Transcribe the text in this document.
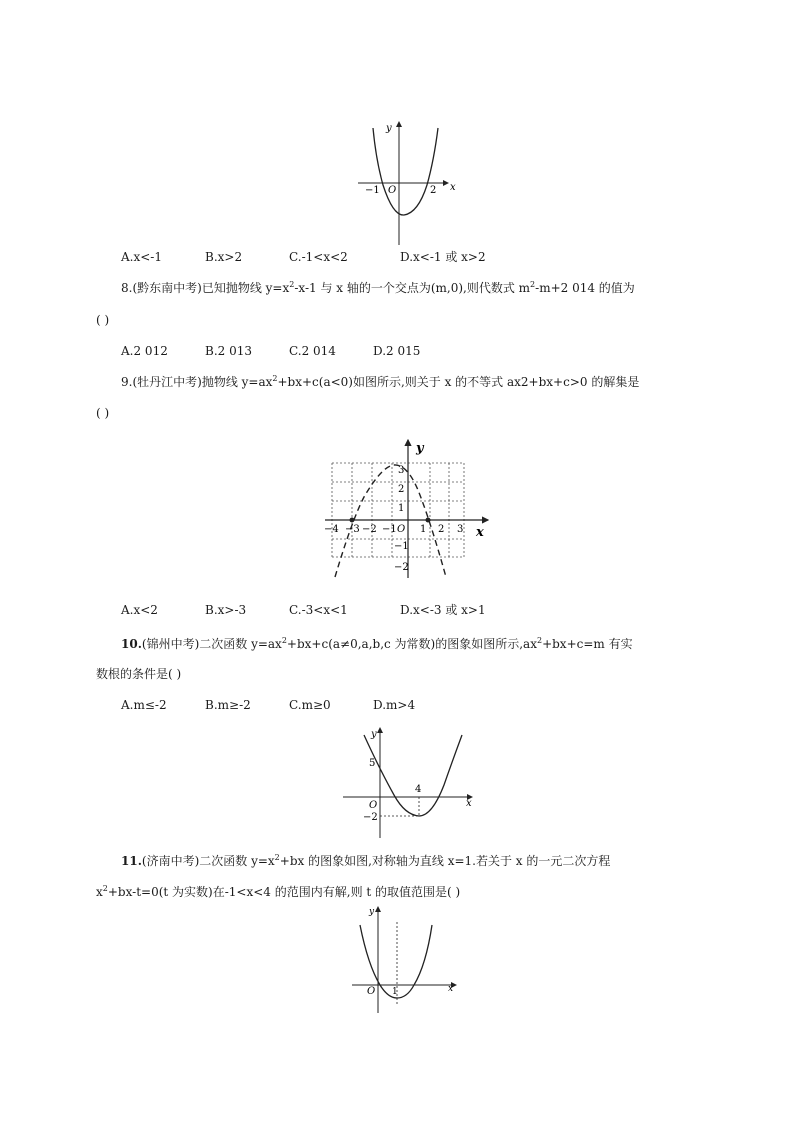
y
x
−1 O	2
A.x<-1	B.x>2	C.-1<x<2	D.x<-1 或 x>2
8.(黔东南中考)已知抛物线 $y=x^2-x-1$ 与 x 轴的一个交点为(m,0),则代数式 $m^2-m+2$ 014 的值为
( )
A.2 012	B.2 013	C.2 014	D.2 015
9.(牡丹江中考)抛物线 $y=ax^2+bx+c(a<0)$如图所示,则关于 x 的不等式 ax2+bx+c>0 的解集是
( )
y
x
−4 −3 −2 −1 O 1 2 3
3
2
1
−1
−2
A.x<2	B.x>-3	C.-3<x<1	D.x<-3 或 x>1
10.(锦州中考)二次函数 $y=ax^2+bx+c(a\ne 0,a,b,c$ 为常数)的图象如图所示$,ax^2+bx+c=m$ 有实
数根的条件是( )
A.m≤-2	B.m≥-2	C.m≥0	D.m>4
y
x
5
4
O
−2
11.(济南中考)二次函数 $y=x^2+bx$ 的图象如图,对称轴为直线 x=1.若关于 x 的一元二次方程
$x^2+bx-t=0(t$ 为实数)在-1<x<4 的范围内有解,则 t 的取值范围是( )
y
x
O 1
